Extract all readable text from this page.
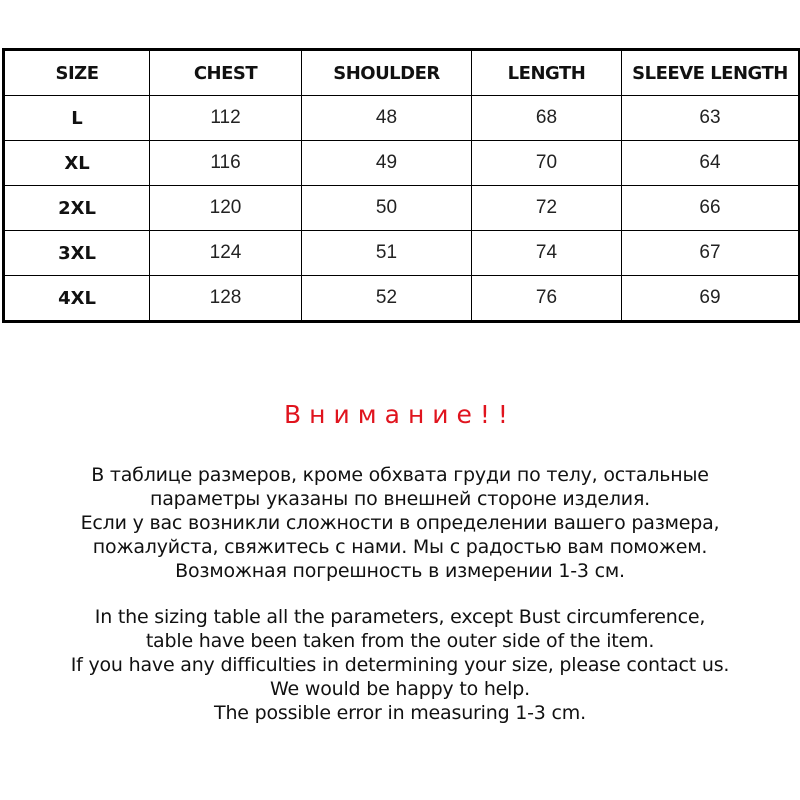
SIZE	CHEST	SHOULDER	LENGTH	SLEEVE LENGTH
L	112	48	68	63
XL	116	49	70	64
2XL	120	50	72	66
3XL	124	51	74	67
4XL	128	52	76	69
Внимание!!
В таблице размеров, кроме обхвата груди по телу, остальные
параметры указаны по внешней стороне изделия.
Если у вас возникли сложности в определении вашего размера,
пожалуйста, свяжитесь с нами. Мы с радостью вам поможем.
Возможная погрешность в измерении 1-3 см.
In the sizing table all the parameters, except Bust circumference,
table have been taken from the outer side of the item.
If you have any difficulties in determining your size, please contact us.
We would be happy to help.
The possible error in measuring 1-3 cm.
